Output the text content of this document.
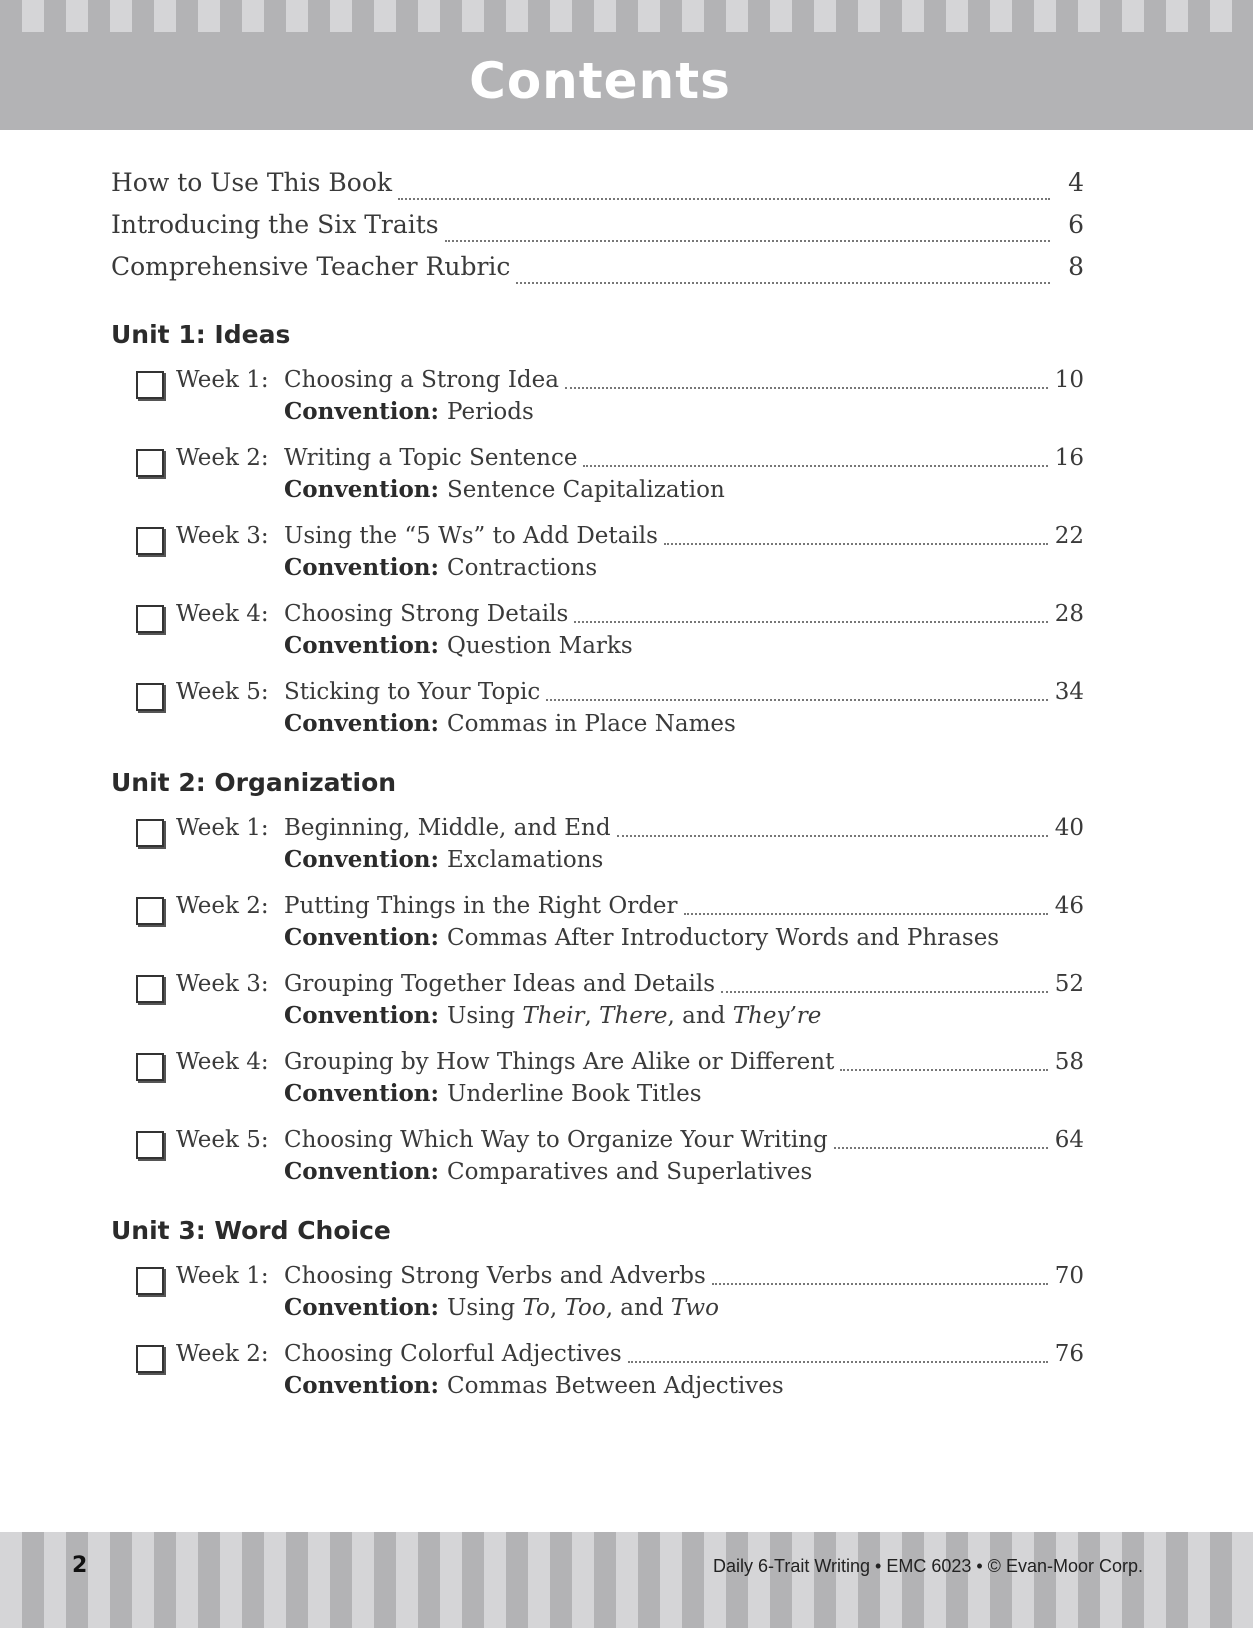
Contents
How to Use This Book	4
Introducing the Six Traits	6
Comprehensive Teacher Rubric	8
Unit 1: Ideas
Week 1: Choosing a Strong Idea	10
Convention: Periods
Week 2: Writing a Topic Sentence	16
Convention: Sentence Capitalization
Week 3: Using the “5 Ws” to Add Details	22
Convention: Contractions
Week 4: Choosing Strong Details	28
Convention: Question Marks
Week 5: Sticking to Your Topic	34
Convention: Commas in Place Names
Unit 2: Organization
Week 1: Beginning, Middle, and End	40
Convention: Exclamations
Week 2: Putting Things in the Right Order	46
Convention: Commas After Introductory Words and Phrases
Week 3: Grouping Together Ideas and Details	52
Convention: Using Their, There, and They’re
Week 4: Grouping by How Things Are Alike or Different	58
Convention: Underline Book Titles
Week 5: Choosing Which Way to Organize Your Writing	64
Convention: Comparatives and Superlatives
Unit 3: Word Choice
Week 1: Choosing Strong Verbs and Adverbs	70
Convention: Using To, Too, and Two
Week 2: Choosing Colorful Adjectives	76
Convention: Commas Between Adjectives
2	Daily 6-Trait Writing • EMC 6023 • © Evan-Moor Corp.
